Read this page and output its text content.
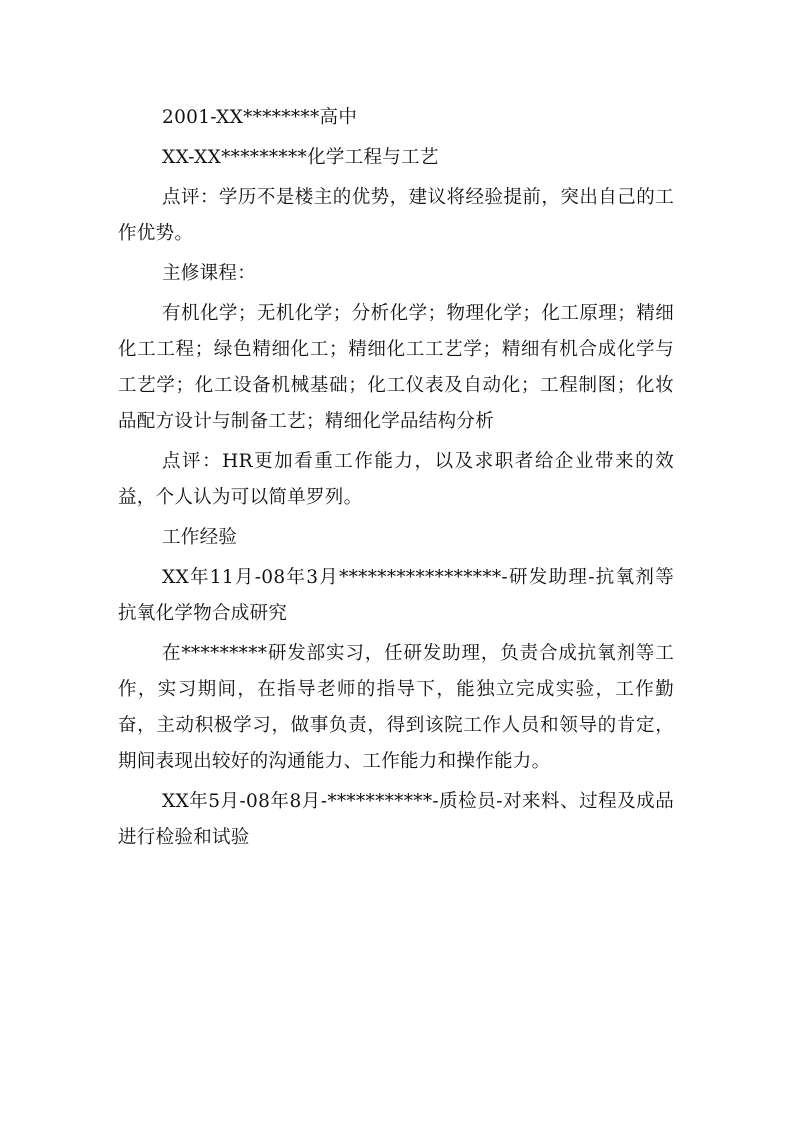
2001-XX********高中

XX-XX*********化学工程与工艺

点评：学历不是楼主的优势，建议将经验提前，突出自己的工作优势。

主修课程：

有机化学；无机化学；分析化学；物理化学；化工原理；精细化工工程；绿色精细化工；精细化工工艺学；精细有机合成化学与工艺学；化工设备机械基础；化工仪表及自动化；工程制图；化妆品配方设计与制备工艺；精细化学品结构分析

点评：HR更加看重工作能力，以及求职者给企业带来的效益，个人认为可以简单罗列。

工作经验

XX年11月-08年3月*****************-研发助理-抗氧剂等抗氧化学物合成研究

在*********研发部实习，任研发助理，负责合成抗氧剂等工作，实习期间，在指导老师的指导下，能独立完成实验，工作勤奋，主动积极学习，做事负责，得到该院工作人员和领导的肯定，期间表现出较好的沟通能力、工作能力和操作能力。

XX年5月-08年8月-***********-质检员-对来料、过程及成品进行检验和试验
